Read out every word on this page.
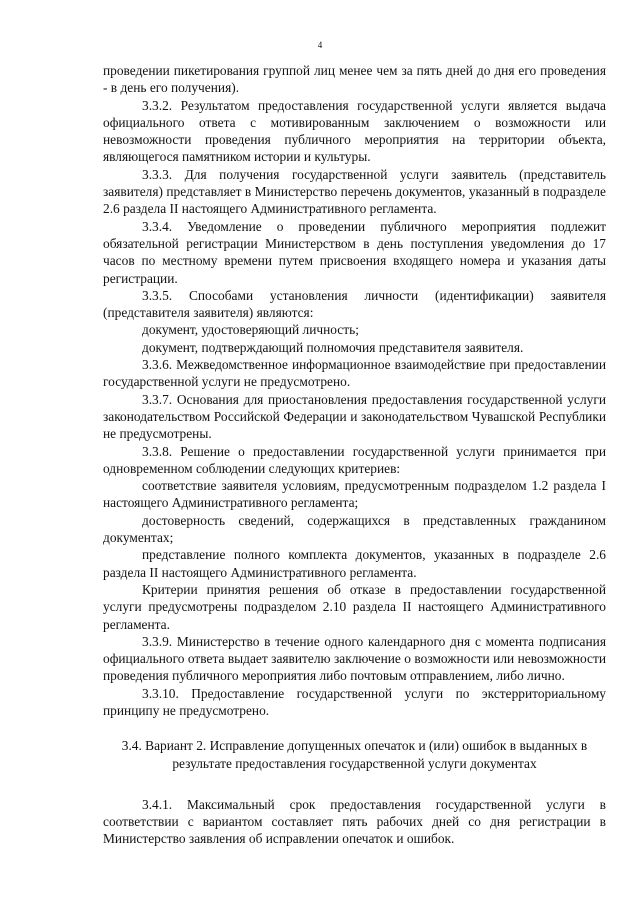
4

проведении пикетирования группой лиц менее чем за пять дней до дня его проведения - в день его получения).

3.3.2. Результатом предоставления государственной услуги является выдача официального ответа с мотивированным заключением о возможности или невозможности проведения публичного мероприятия на территории объекта, являющегося памятником истории и культуры.

3.3.3. Для получения государственной услуги заявитель (представитель заявителя) представляет в Министерство перечень документов, указанный в подразделе 2.6 раздела II настоящего Административного регламента.

3.3.4. Уведомление о проведении публичного мероприятия подлежит обязательной регистрации Министерством в день поступления уведомления до 17 часов по местному времени путем присвоения входящего номера и указания даты регистрации.

3.3.5. Способами установления личности (идентификации) заявителя (представителя заявителя) являются:

документ, удостоверяющий личность;

документ, подтверждающий полномочия представителя заявителя.

3.3.6. Межведомственное информационное взаимодействие при предоставлении государственной услуги не предусмотрено.

3.3.7. Основания для приостановления предоставления государственной услуги законодательством Российской Федерации и законодательством Чувашской Республики не предусмотрены.

3.3.8. Решение о предоставлении государственной услуги принимается при одновременном соблюдении следующих критериев:

соответствие заявителя условиям, предусмотренным подразделом 1.2 раздела I настоящего Административного регламента;

достоверность сведений, содержащихся в представленных гражданином документах;

представление полного комплекта документов, указанных в подразделе 2.6 раздела II настоящего Административного регламента.

Критерии принятия решения об отказе в предоставлении государственной услуги предусмотрены подразделом 2.10 раздела II настоящего Административного регламента.

3.3.9. Министерство в течение одного календарного дня с момента подписания официального ответа выдает заявителю заключение о возможности или невозможности проведения публичного мероприятия либо почтовым отправлением, либо лично.

3.3.10. Предоставление государственной услуги по экстерриториальному принципу не предусмотрено.

3.4. Вариант 2. Исправление допущенных опечаток и (или) ошибок в выданных в результате предоставления государственной услуги документах

3.4.1. Максимальный срок предоставления государственной услуги в соответствии с вариантом составляет пять рабочих дней со дня регистрации в Министерство заявления об исправлении опечаток и ошибок.
